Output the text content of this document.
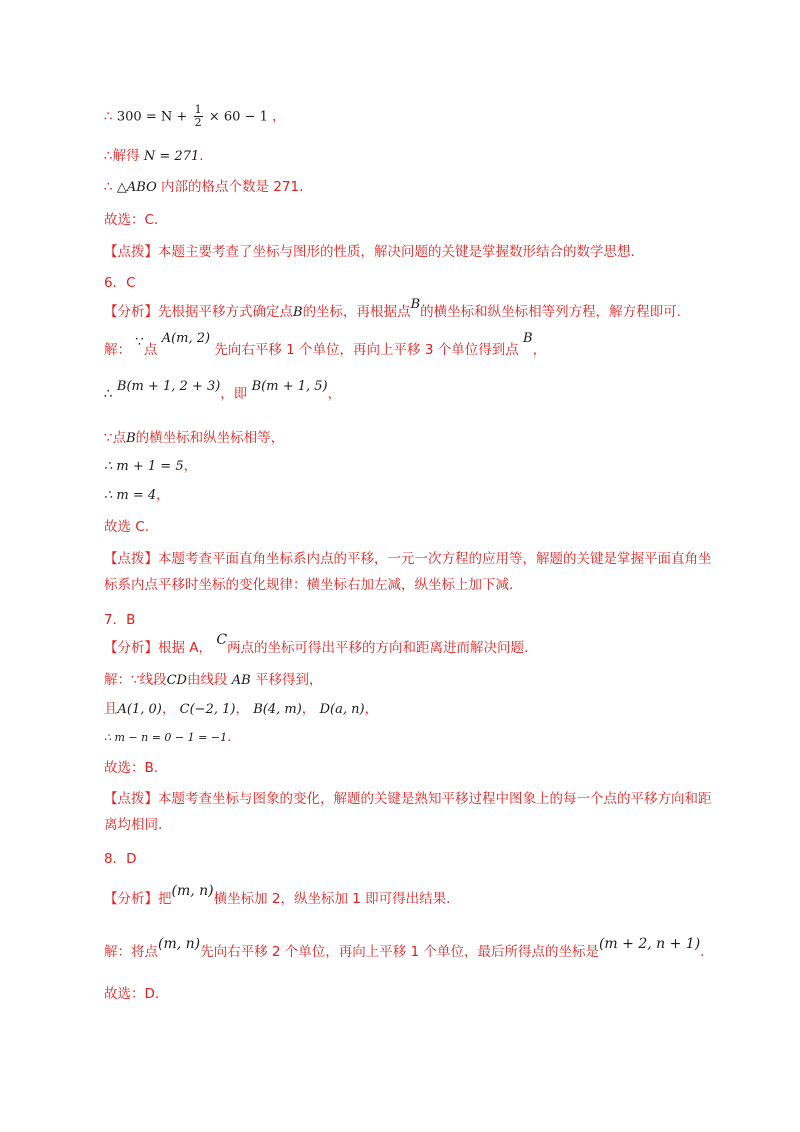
∴ $300 = N + \frac{1}{2} \times 60 - 1$ ，
∴解得 N = 271.
∴ △ABO 内部的格点个数是 271.
故选：C.
【点拨】本题主要考查了坐标与图形的性质，解决问题的关键是掌握数形结合的数学思想.
6．C
【分析】先根据平移方式确定点B的坐标，再根据点B的横坐标和纵坐标相等列方程，解方程即可.
解： ∵点 A(m, 2) 先向右平移 1 个单位，再向上平移 3 个单位得到点 B，
∴ B(m + 1, 2 + 3)，即 B(m + 1, 5)，
∵点B的横坐标和纵坐标相等，
∴ m + 1 = 5，
∴ m = 4，
故选 C.
【点拨】本题考查平面直角坐标系内点的平移，一元一次方程的应用等，解题的关键是掌握平面直角坐标系内点平移时坐标的变化规律：横坐标右加左减，纵坐标上加下减.
7．B
【分析】根据 A， C两点的坐标可得出平移的方向和距离进而解决问题.
解：∵线段CD由线段 AB 平移得到，
且A(1, 0)， C(−2, 1)， B(4, m)， D(a, n)，
∴ m − n = 0 − 1 = −1.
故选：B.
【点拨】本题考查坐标与图象的变化，解题的关键是熟知平移过程中图象上的每一个点的平移方向和距离均相同.
8．D
【分析】把(m, n)横坐标加 2，纵坐标加 1 即可得出结果.
解：将点(m, n)先向右平移 2 个单位，再向上平移 1 个单位，最后所得点的坐标是(m + 2, n + 1).
故选：D.
